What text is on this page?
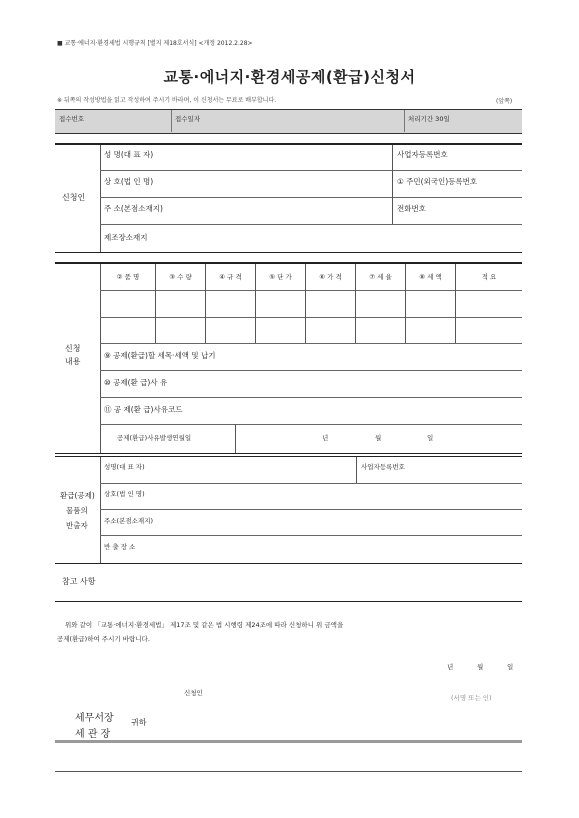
■ 교통·에너지·환경세법 시행규칙 [별지 제18호서식] <개정 2012.2.28>
교통·에너지·환경세공제(환급)신청서
※ 뒤쪽의 작성방법을 읽고 작성하여 주시기 바라며, 이 신청서는 무료로 배부합니다.	(앞쪽)
접수번호	접수일자	처리기간 30일
신청인
성 명(대 표 자)	사업자등록번호
상 호(법 인 명)	① 주민(외국인)등록번호
주 소(본점소재지)	전화번호
제조장소재지
신청
내용
② 품 명	③ 수 량	④ 규 격	⑤ 단 가	⑥ 가 격	⑦ 세 율	⑧ 세 액	적 요
⑨ 공제(환급)할 세목·세액 및 납기
⑩ 공제(환 급)사 유
⑪ 공 제(환 급)사유코드
공제(환급)사유발생연월일	년	월	일
환급(공제)
물품의
반출자
성명(대 표 자)	사업자등록번호
상호(법 인 명)
주소(본점소재지)
반 출 장 소
참고 사항
위와 같이 「교통·에너지·환경세법」 제17조 및 같은 법 시행령 제24조에 따라 신청하니 위 금액을
공제(환급)하여 주시기 바랍니다.
년	월	일
신청인
(서명 또는 인)
세무서장
세 관 장
귀하
